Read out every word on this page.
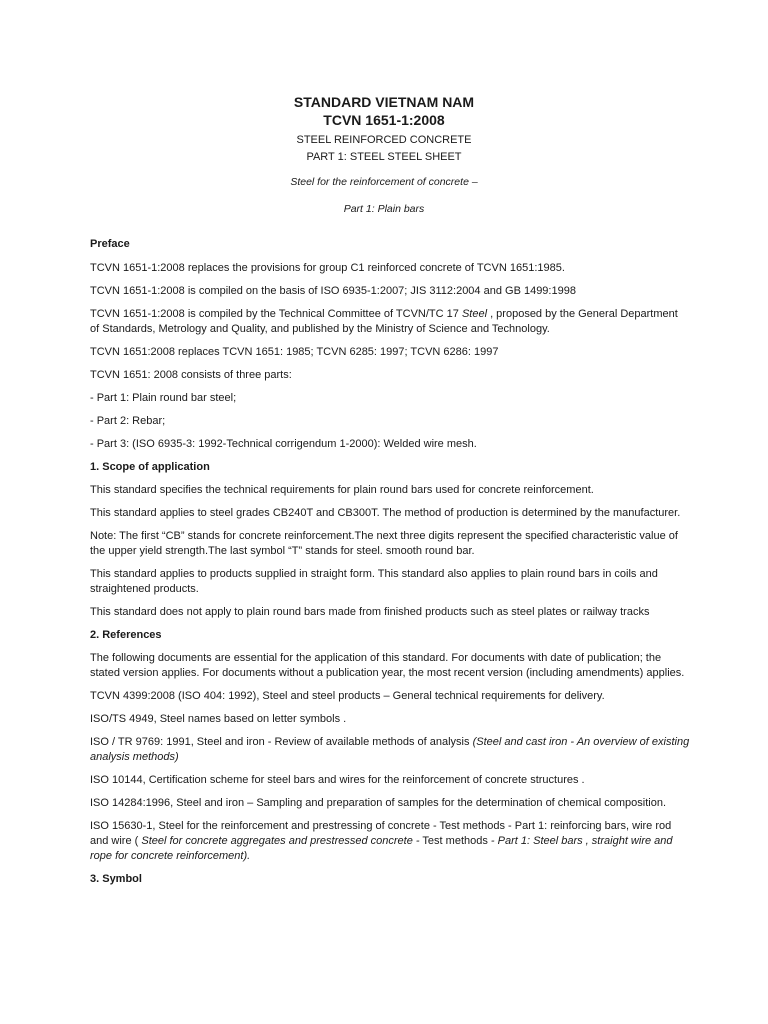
STANDARD VIETNAM NAM

TCVN 1651-1:2008

STEEL REINFORCED CONCRETE

PART 1: STEEL STEEL SHEET

Steel for the reinforcement of concrete –

Part 1: Plain bars

Preface

TCVN 1651-1:2008 replaces the provisions for group C1 reinforced concrete of TCVN 1651:1985.

TCVN 1651-1:2008 is compiled on the basis of ISO 6935-1:2007; JIS 3112:2004 and GB 1499:1998

TCVN 1651-1:2008 is compiled by the Technical Committee of TCVN/TC 17 Steel , proposed by the General Department of Standards, Metrology and Quality, and published by the Ministry of Science and Technology.

TCVN 1651:2008 replaces TCVN 1651: 1985; TCVN 6285: 1997; TCVN 6286: 1997

TCVN 1651: 2008 consists of three parts:

- Part 1: Plain round bar steel;

- Part 2: Rebar;

- Part 3: (ISO 6935-3: 1992-Technical corrigendum 1-2000): Welded wire mesh.

1. Scope of application

This standard specifies the technical requirements for plain round bars used for concrete reinforcement.

This standard applies to steel grades CB240T and CB300T. The method of production is determined by the manufacturer.

Note: The first “CB” stands for concrete reinforcement.The next three digits represent the specified characteristic value of the upper yield strength.The last symbol “T” stands for steel. smooth round bar.

This standard applies to products supplied in straight form. This standard also applies to plain round bars in coils and straightened products.

This standard does not apply to plain round bars made from finished products such as steel plates or railway tracks

2. References

The following documents are essential for the application of this standard. For documents with date of publication; the stated version applies. For documents without a publication year, the most recent version (including amendments) applies.

TCVN 4399:2008 (ISO 404: 1992), Steel and steel products – General technical requirements for delivery.

ISO/TS 4949, Steel names based on letter symbols .

ISO / TR 9769: 1991, Steel and iron - Review of available methods of analysis (Steel and cast iron - An overview of existing analysis methods)

ISO 10144, Certification scheme for steel bars and wires for the reinforcement of concrete structures .

ISO 14284:1996, Steel and iron – Sampling and preparation of samples for the determination of chemical composition.

ISO 15630-1, Steel for the reinforcement and prestressing of concrete - Test methods - Part 1: reinforcing bars, wire rod and wire ( Steel for concrete aggregates and prestressed concrete - Test methods - Part 1: Steel bars , straight wire and rope for concrete reinforcement).

3. Symbol
